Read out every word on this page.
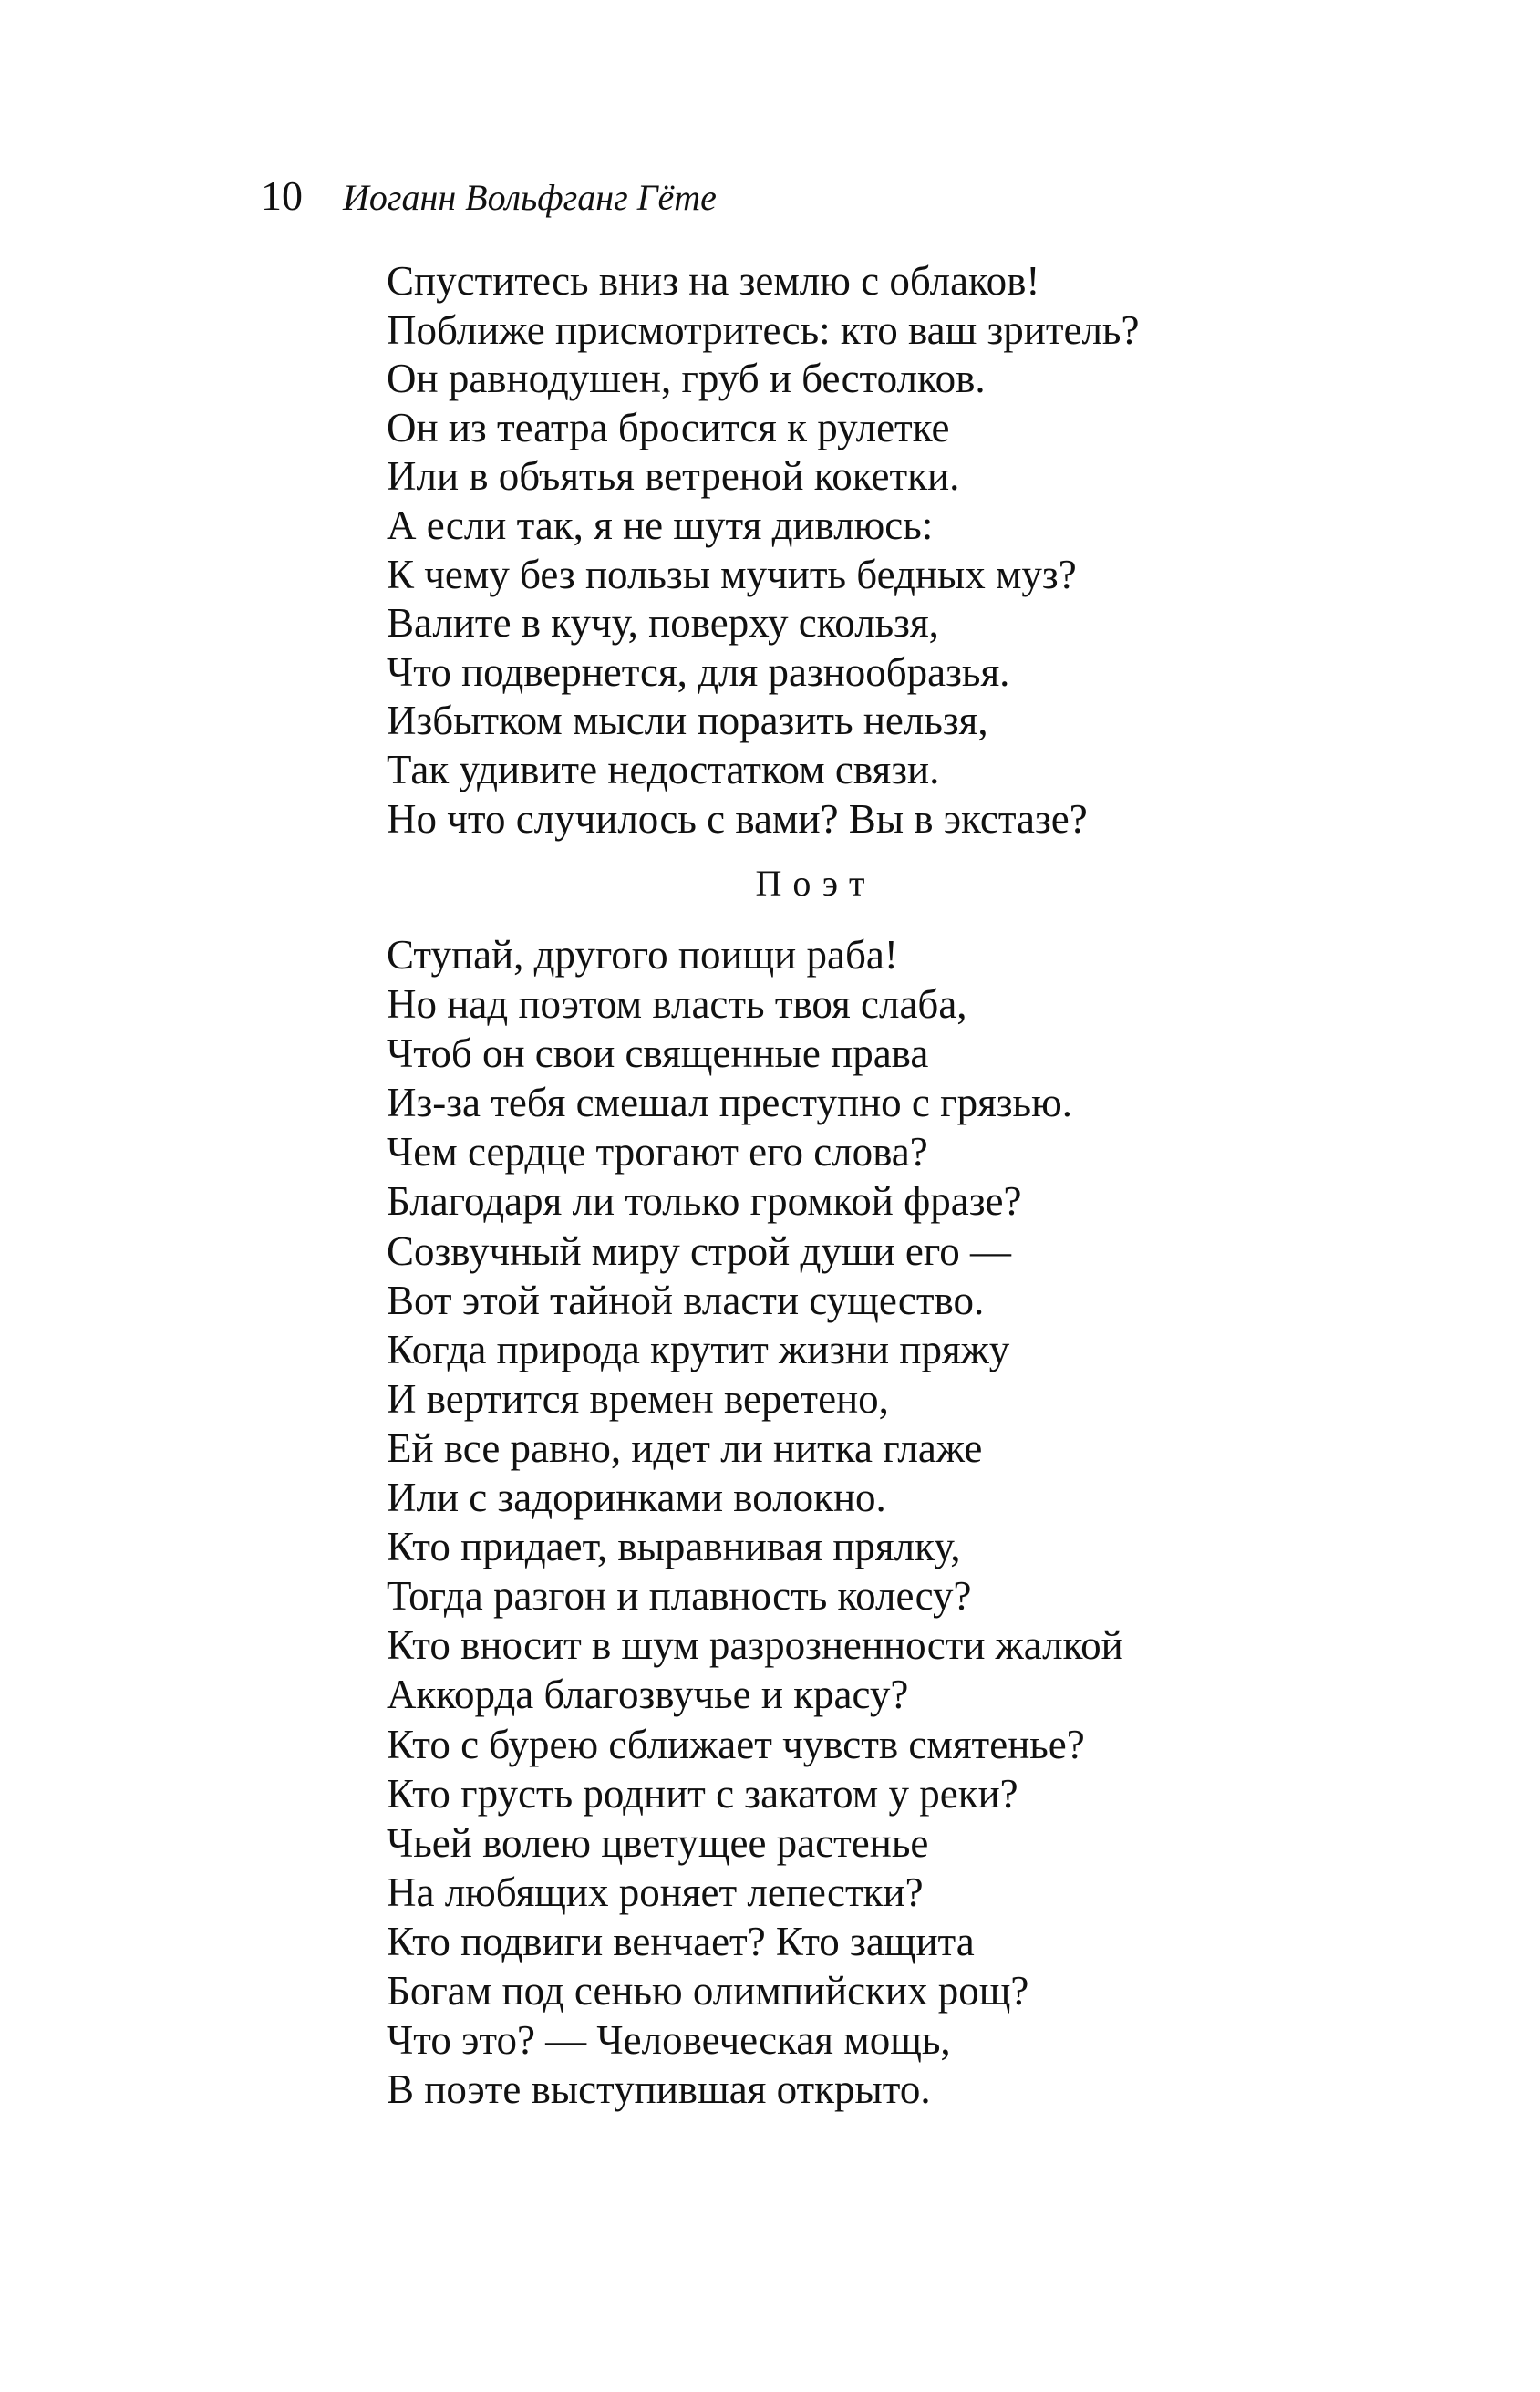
10 Иоганн Вольфганг Гёте
Спуститесь вниз на землю с облаков!
Поближе присмотритесь: кто ваш зритель?
Он равнодушен, груб и бестолков.
Он из театра бросится к рулетке
Или в объятья ветреной кокетки.
А если так, я не шутя дивлюсь:
К чему без пользы мучить бедных муз?
Валите в кучу, поверху скользя,
Что подвернется, для разнообразья.
Избытком мысли поразить нельзя,
Так удивите недостатком связи.
Но что случилось с вами? Вы в экстазе?
Поэт
Ступай, другого поищи раба!
Но над поэтом власть твоя слаба,
Чтоб он свои священные права
Из-за тебя смешал преступно с грязью.
Чем сердце трогают его слова?
Благодаря ли только громкой фразе?
Созвучный миру строй души его —
Вот этой тайной власти существо.
Когда природа крутит жизни пряжу
И вертится времен веретено,
Ей все равно, идет ли нитка глаже
Или с задоринками волокно.
Кто придает, выравнивая прялку,
Тогда разгон и плавность колесу?
Кто вносит в шум разрозненности жалкой
Аккорда благозвучье и красу?
Кто с бурею сближает чувств смятенье?
Кто грусть роднит с закатом у реки?
Чьей волею цветущее растенье
На любящих роняет лепестки?
Кто подвиги венчает? Кто защита
Богам под сенью олимпийских рощ?
Что это? — Человеческая мощь,
В поэте выступившая открыто.
